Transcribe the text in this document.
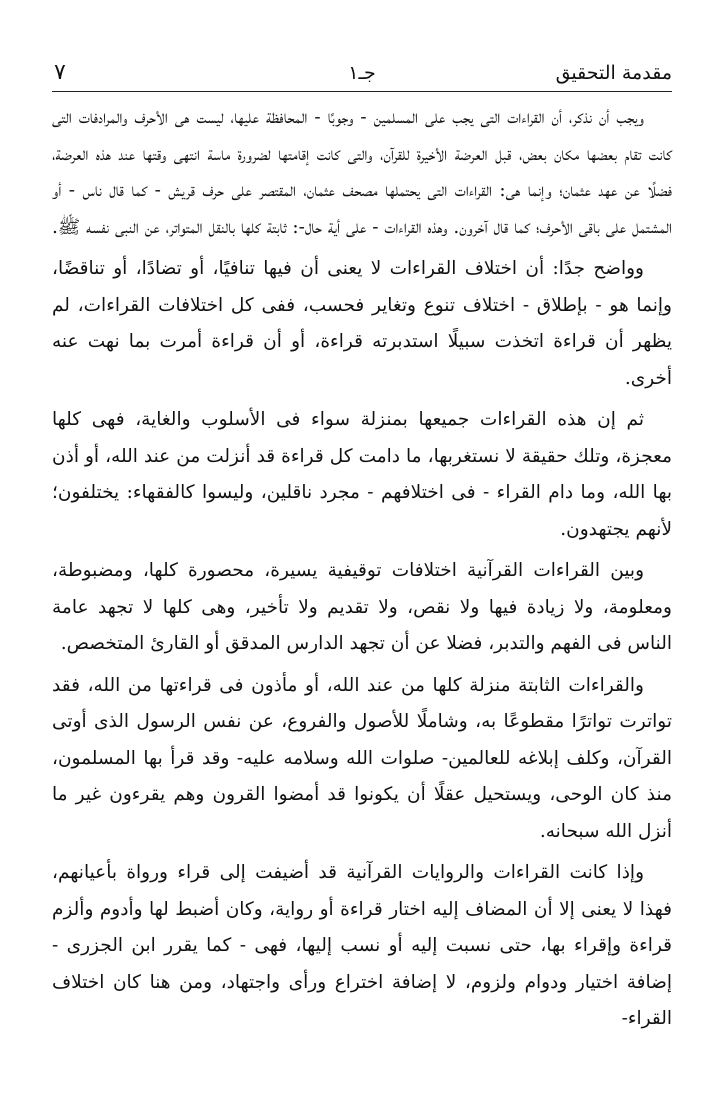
مقدمة التحقيق
جـ١
٧

ويجب أن نذكر، أن القراءات التى يجب على المسلمين - وجوبًا - المحافظة عليها، ليست هى الأحرف والمرادفات التى كانت تقام بعضها مكان بعض، قبل العرضة الأخيرة للقرآن، والتى كانت إقامتها لضرورة ماسة انتهى وقتها عند هذه العرضة، فضلًا عن عهد عثمان؛ وإنما هى: القراءات التى يحتملها مصحف عثمان، المقتصر على حرف قريش - كما قال ناس - أو المشتمل على باقى الأحرف؛ كما قال آخرون. وهذه القراءات - على أية حال-: ثابتة كلها بالنقل المتواتر، عن النبى نفسه ﷺ.

وواضح جدًا: أن اختلاف القراءات لا يعنى أن فيها تنافيًا، أو تضادًا، أو تناقضًا، وإنما هو - بإطلاق - اختلاف تنوع وتغاير فحسب، ففى كل اختلافات القراءات، لم يظهر أن قراءة اتخذت سبيلًا استدبرته قراءة، أو أن قراءة أمرت بما نهت عنه أخرى.

ثم إن هذه القراءات جميعها بمنزلة سواء فى الأسلوب والغاية، فهى كلها معجزة، وتلك حقيقة لا نستغربها، ما دامت كل قراءة قد أنزلت من عند الله، أو أذن بها الله، وما دام القراء - فى اختلافهم - مجرد ناقلين، وليسوا كالفقهاء: يختلفون؛ لأنهم يجتهدون.

وبين القراءات القرآنية اختلافات توقيفية يسيرة، محصورة كلها، ومضبوطة، ومعلومة، ولا زيادة فيها ولا نقص، ولا تقديم ولا تأخير، وهى كلها لا تجهد عامة الناس فى الفهم والتدبر، فضلا عن أن تجهد الدارس المدقق أو القارئ المتخصص.

والقراءات الثابتة منزلة كلها من عند الله، أو مأذون فى قراءتها من الله، فقد تواترت تواترًا مقطوعًا به، وشاملًا للأصول والفروع، عن نفس الرسول الذى أوتى القرآن، وكلف إبلاغه للعالمين- صلوات الله وسلامه عليه- وقد قرأ بها المسلمون، منذ كان الوحى، ويستحيل عقلًا أن يكونوا قد أمضوا القرون وهم يقرءون غير ما أنزل الله سبحانه.

وإذا كانت القراءات والروايات القرآنية قد أضيفت إلى قراء ورواة بأعيانهم، فهذا لا يعنى إلا أن المضاف إليه اختار قراءة أو رواية، وكان أضبط لها وأدوم وألزم قراءة وإقراء بها، حتى نسبت إليه أو نسب إليها، فهى - كما يقرر ابن الجزرى - إضافة اختيار ودوام ولزوم، لا إضافة اختراع ورأى واجتهاد، ومن هنا كان اختلاف القراء-
